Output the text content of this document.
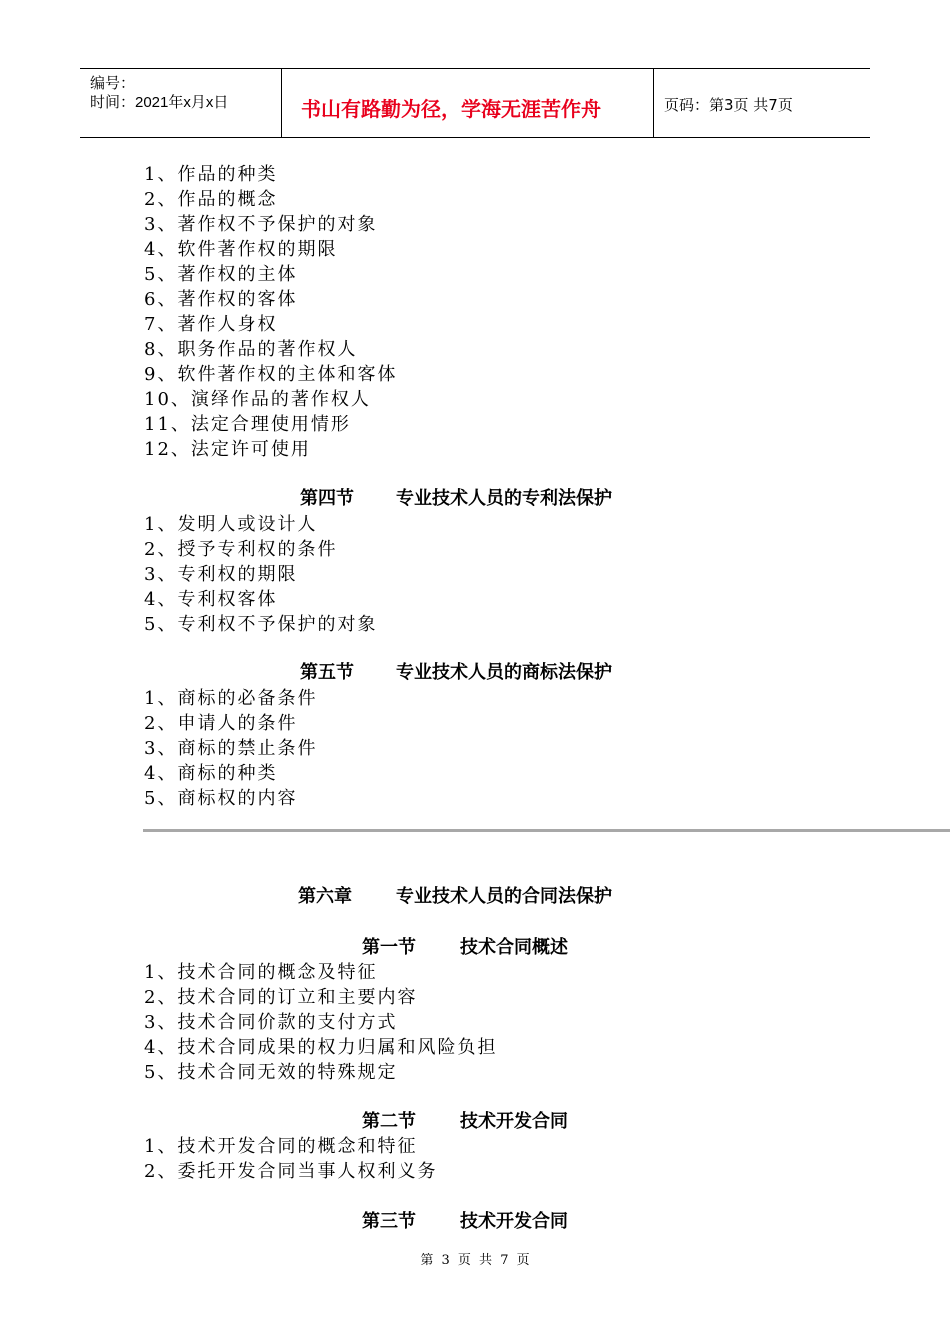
编号：
时间：2021年x月x日	书山有路勤为径，学海无涯苦作舟	页码：第3页 共7页
1、作品的种类
2、作品的概念
3、著作权不予保护的对象
4、软件著作权的期限
5、著作权的主体
6、著作权的客体
7、著作人身权
8、职务作品的著作权人
9、软件著作权的主体和客体
10、演绎作品的著作权人
11、法定合理使用情形
12、法定许可使用
第四节 专业技术人员的专利法保护
1、发明人或设计人
2、授予专利权的条件
3、专利权的期限
4、专利权客体
5、专利权不予保护的对象
第五节 专业技术人员的商标法保护
1、商标的必备条件
2、申请人的条件
3、商标的禁止条件
4、商标的种类
5、商标权的内容
第六章 专业技术人员的合同法保护
第一节 技术合同概述
1、技术合同的概念及特征
2、技术合同的订立和主要内容
3、技术合同价款的支付方式
4、技术合同成果的权力归属和风险负担
5、技术合同无效的特殊规定
第二节 技术开发合同
1、技术开发合同的概念和特征
2、委托开发合同当事人权利义务
第三节 技术开发合同
第 3 页 共 7 页
